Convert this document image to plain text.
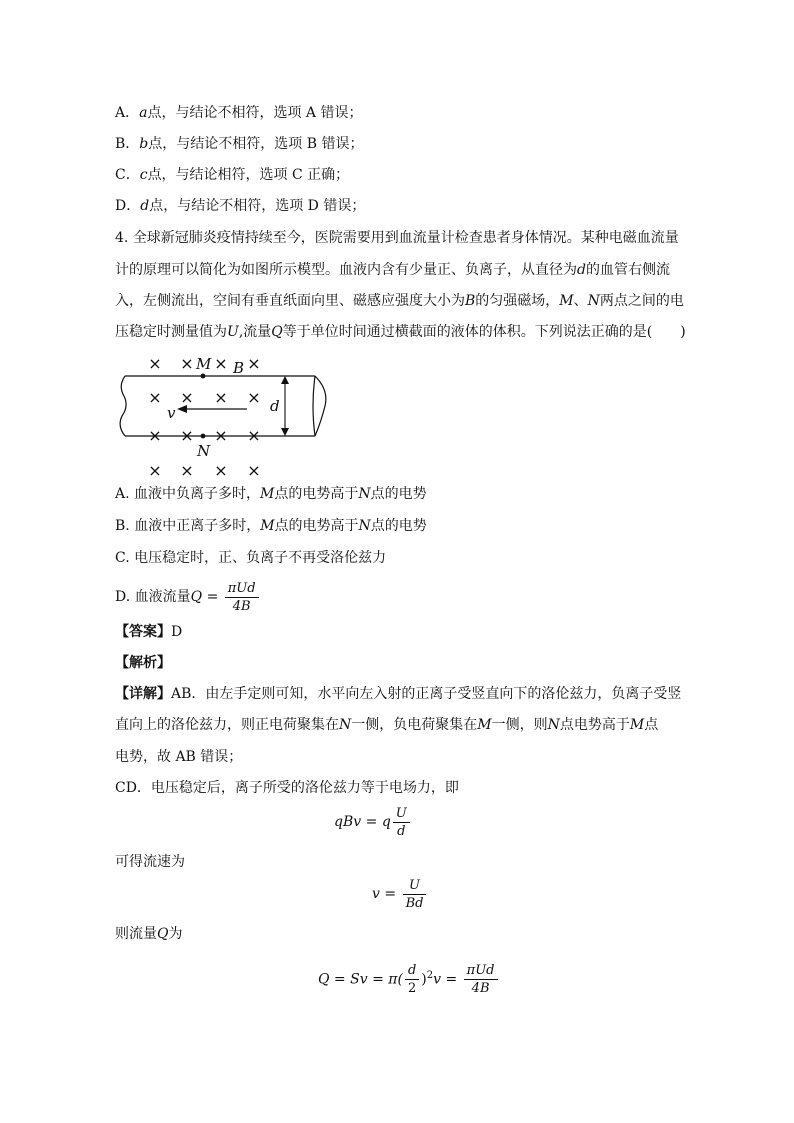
A．a点，与结论不相符，选项 A 错误；
B．b点，与结论不相符，选项 B 错误；
C．c点，与结论相符，选项 C 正确；
D．d点，与结论不相符，选项 D 错误；
4. 全球新冠肺炎疫情持续至今，医院需要用到血流量计检查患者身体情况。某种电磁血流量
计的原理可以简化为如图所示模型。血液内含有少量正、负离子，从直径为d的血管右侧流
入，左侧流出，空间有垂直纸面向里、磁感应强度大小为B的匀强磁场，M、N两点之间的电
压稳定时测量值为U,流量Q等于单位时间通过横截面的液体的体积。下列说法正确的是(　　)
× × × ×
× × × ×
× × × ×
× × × ×
M B
N
v	d
A. 血液中负离子多时，M点的电势高于N点的电势
B. 血液中正离子多时，M点的电势高于N点的电势
C. 电压稳定时，正、负离子不再受洛伦兹力
D. 血液流量$Q = \frac{\text{πUd}}{4B}$
【答案】D
【解析】
【详解】AB．由左手定则可知，水平向左入射的正离子受竖直向下的洛伦兹力，负离子受竖
直向上的洛伦兹力，则正电荷聚集在N一侧，负电荷聚集在M一侧，则N点电势高于M点
电势，故 AB 错误；
CD．电压稳定后，离子所受的洛伦兹力等于电场力，即
qBv = q $\frac{U}{d}$
可得流速为
$v = \frac{U}{Bd}$
则流量Q为
$Q = Sv = \pi( \frac{d}{2} )^2v = \frac{\text{πUd}}{4B}$
